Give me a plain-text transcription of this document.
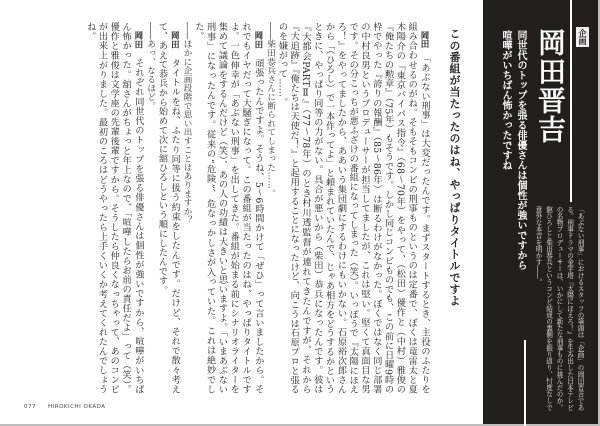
岡田　「あぶない刑事」は大変だったんです。まずスタートするとき、主役のふたりを組み合わせるのがね。そもそもコンビの刑事ものというのは定番で、ぼくは竜雷太と夏木陽介の『東京バイパス指令』（68〜70年）をやって、（松田）優作と（中村）雅俊の『俺たちの勲章』（75年）もそうです。しかし同じコンビものでも、この前に日曜9時の枠でやった『誇りの報酬』（85〜86年）は断るわけがなかった。ぼくではなく同じ部署の中村良男というプロデューサーが担当してましたが、これは堅い。堅くて真面目な男です。その分こっちが悪ふざけの番組になってしまった（笑）。いっぽうで『太陽にほえろ！』をやってましたから、ああいう集団劇にするわけにもいかない。石原裕次郎さんから「（ひろし）で一本作ってよ」と頼まれていたんで、じゃあ相方をどうするかというときに、やっぱり同等の力がない。具合が悪いから（柴田）恭兵になったんです。彼は『大都会PARTⅡ』（77〜78年）のとき村川透監督が連れてきたんですが、それから『大追跡』『俺たちは天使だ！』と起用することになったけど、向こうは石原プロと張るのを嫌がって……。

――柴田恭兵さんに断られてしまった……。

岡田　頑張ったんですよ。そうね、5〜6時間かけて「ぜひ」って言いましたから。それでもイヤだって大騒ぎになって。この番組が当たったのはね、やっぱりタイトルですよ。一色伸幸が「あぶない刑事」を出してきた。番組が始まる前にシナリオライターを集めて議論をするんだけど（笑）、あの人の功績は大きいと思いますよ。「いまあぶない刑事」になったんです。従来の“危険”、危なっかしさが入っていた。これは絶妙でした。

――ほかに企画段階で思い出すことはありますか？

岡田　タイトルをね、ふたり同等に扱う約束をしたんです。だけど、それで散々考えて、あえて恭兵から始めて次に舘ひろしという順にしたんです。

――あっ、なるほど。

岡田　それぞれ同世代のトップを張る俳優さんは個性が強いですから、喧嘩がいちばん怖かった。舘さんがちょっと年上なので、「喧嘩したらお前の責任だよ」って（笑）。優作と雅俊は文学座の先輩後輩ですから。そうしたら仲良くなっちゃって、あのコンビが出来上がりました。最初のころはどうやったら上手くいくか考えてくれたんでしょうね。	この番組が当たったのはね、やっぱりタイトルですよ	企画
岡田晋吉
同世代のトップを張る俳優さんは個性が強いですから
喧嘩がいちばん怖かったですね
「あぶない刑事」におけるスタッフの筆頭は「企画」の岡田晋吉である。刑事ドラマの金字塔『太陽にほえろ！』を生み出した日本テレビの名物プロデューサーは、いかにして新たな刑事ものに挑んだのか。舘ひろしと柴田恭兵というコンビ結成の裏側を振り返り、忖度なしで意外な本音を明かす――。
077 HIROKICHI OKADA
